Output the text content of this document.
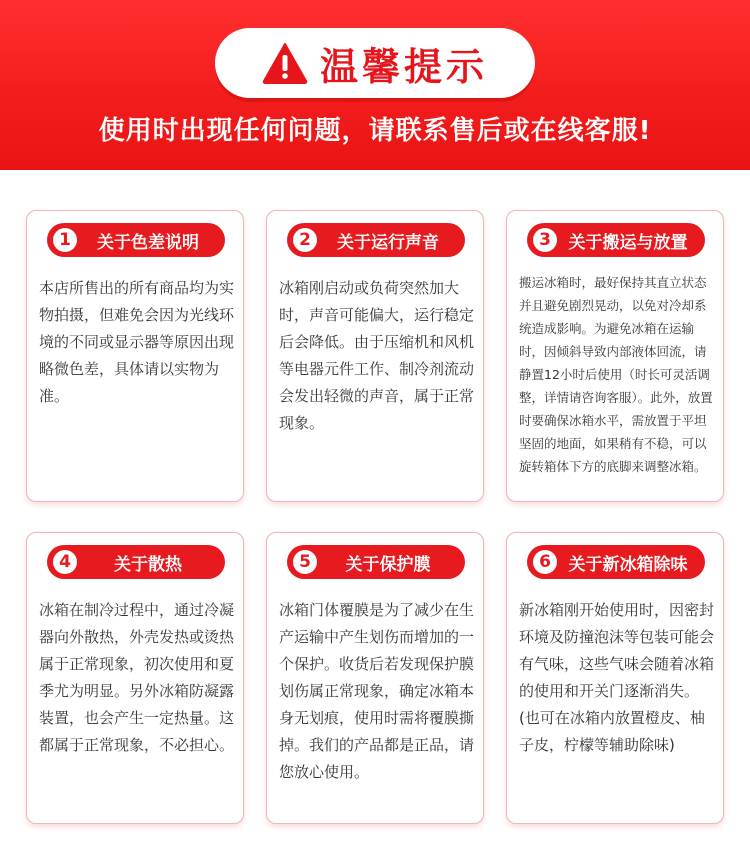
温馨提示
使用时出现任何问题，请联系售后或在线客服!
1	关于色差说明
本店所售出的所有商品均为实物拍摄，但难免会因为光线环境的不同或显示器等原因出现略微色差，具体请以实物为准。
2	关于运行声音
冰箱刚启动或负荷突然加大时，声音可能偏大，运行稳定后会降低。由于压缩机和风机等电器元件工作、制冷剂流动会发出轻微的声音，属于正常现象。
3	关于搬运与放置
搬运冰箱时，最好保持其直立状态并且避免剧烈晃动，以免对冷却系统造成影响。为避免冰箱在运输时，因倾斜导致内部液体回流，请静置12小时后使用（时长可灵活调整，详情请咨询客服）。此外，放置时要确保冰箱水平，需放置于平坦坚固的地面，如果稍有不稳，可以旋转箱体下方的底脚来调整冰箱。
4	关于散热
冰箱在制冷过程中，通过冷凝器向外散热，外壳发热或烫热属于正常现象，初次使用和夏季尤为明显。另外冰箱防凝露装置，也会产生一定热量。这都属于正常现象，不必担心。
5	关于保护膜
冰箱门体覆膜是为了减少在生产运输中产生划伤而增加的一个保护。收货后若发现保护膜划伤属正常现象，确定冰箱本身无划痕，使用时需将覆膜撕掉。我们的产品都是正品，请您放心使用。
6	关于新冰箱除味
新冰箱刚开始使用时，因密封环境及防撞泡沫等包装可能会有气味，这些气味会随着冰箱的使用和开关门逐渐消失。(也可在冰箱内放置橙皮、柚子皮，柠檬等辅助除味)
